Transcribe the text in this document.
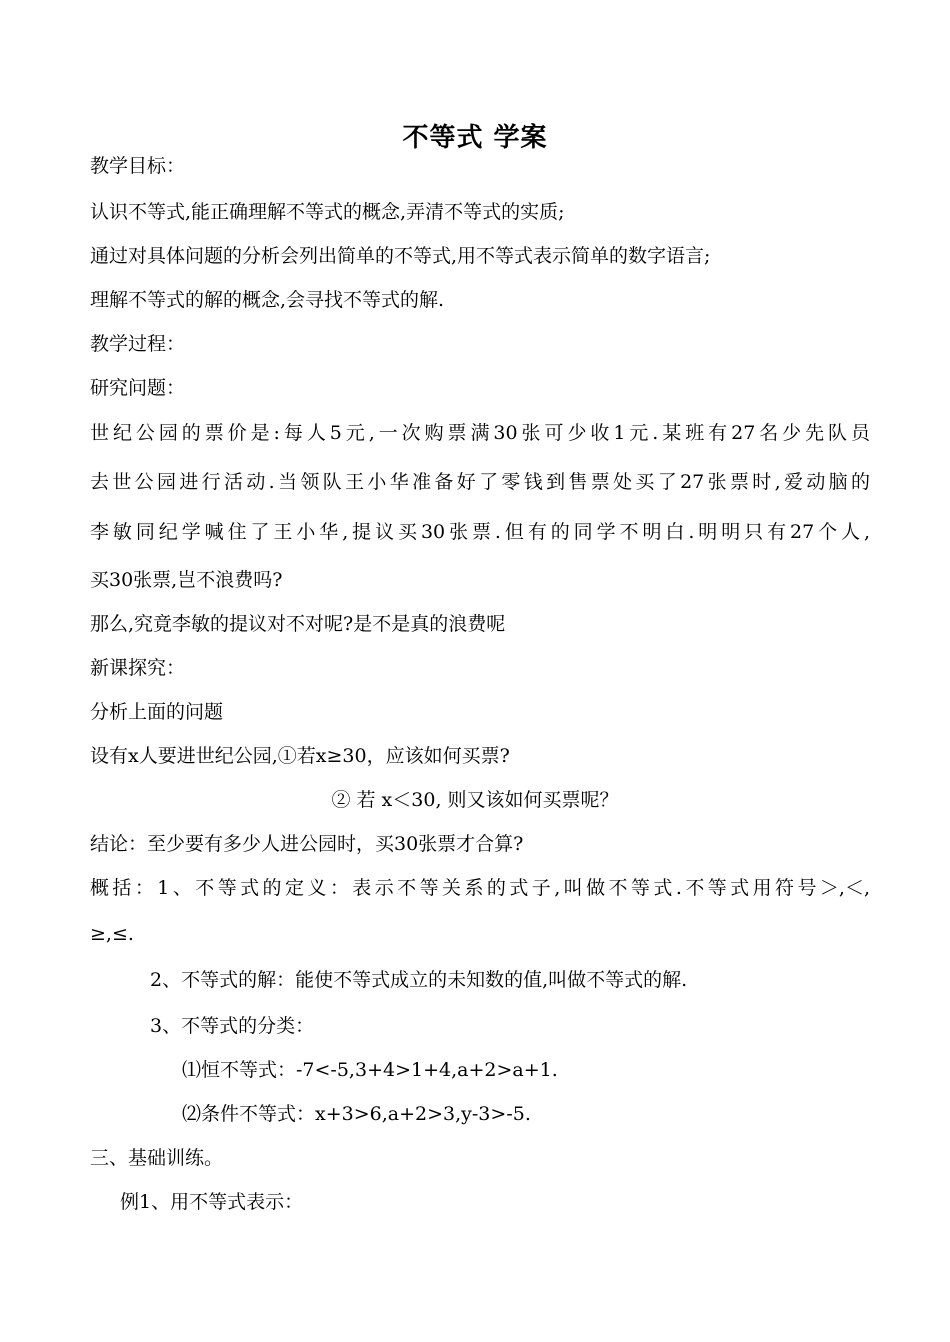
不等式 学案
教学目标：
认识不等式,能正确理解不等式的概念,弄清不等式的实质;
通过对具体问题的分析会列出简单的不等式,用不等式表示简单的数字语言;
理解不等式的解的概念,会寻找不等式的解.
教学过程：
研究问题：
世纪公园的票价是:每人5元,一次购票满30张可少收1元.某班有27名少先队员
去世公园进行活动.当领队王小华准备好了零钱到售票处买了27张票时,爱动脑的
李敏同纪学喊住了王小华,提议买30张票.但有的同学不明白.明明只有27个人,
买30张票,岂不浪费吗?
那么,究竟李敏的提议对不对呢?是不是真的浪费呢
新课探究：
分析上面的问题
设有x人要进世纪公园,①若x≥30，应该如何买票?
② 若 x＜30, 则又该如何买票呢？
结论：至少要有多少人进公园时，买30张票才合算?
概括：1、不等式的定义：表示不等关系的式子,叫做不等式.不等式用符号＞,＜,
≥,≤.
2、不等式的解：能使不等式成立的未知数的值,叫做不等式的解.
3、不等式的分类：
⑴恒不等式：-7<-5,3+4>1+4,a+2>a+1.
⑵条件不等式：x+3>6,a+2>3,y-3>-5.
三、基础训练。
例1、用不等式表示：
